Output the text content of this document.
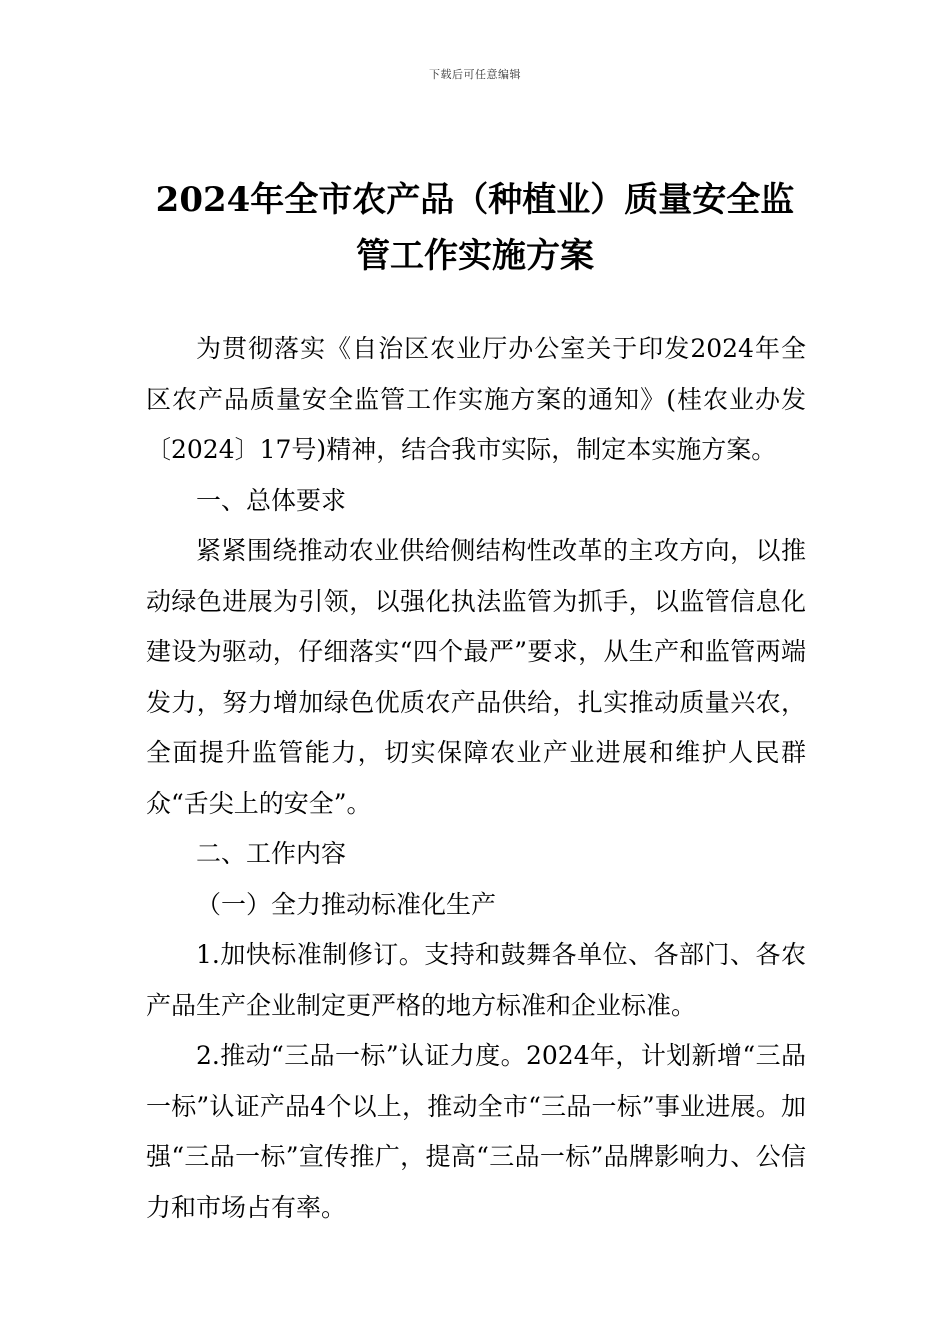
下载后可任意编辑
2024年全市农产品（种植业）质量安全监
管工作实施方案

为贯彻落实《自治区农业厅办公室关于印发2024年全区农产品质量安全监管工作实施方案的通知》(桂农业办发〔2024〕17号)精神，结合我市实际，制定本实施方案。

一、总体要求

紧紧围绕推动农业供给侧结构性改革的主攻方向，以推动绿色进展为引领，以强化执法监管为抓手，以监管信息化建设为驱动，仔细落实“四个最严”要求，从生产和监管两端发力，努力增加绿色优质农产品供给，扎实推动质量兴农，全面提升监管能力，切实保障农业产业进展和维护人民群众“舌尖上的安全”。

二、工作内容

（一）全力推动标准化生产

1.加快标准制修订。支持和鼓舞各单位、各部门、各农产品生产企业制定更严格的地方标准和企业标准。

2.推动“三品一标”认证力度。2024年，计划新增“三品一标”认证产品4个以上，推动全市“三品一标”事业进展。加强“三品一标”宣传推广，提高“三品一标”品牌影响力、公信力和市场占有率。
